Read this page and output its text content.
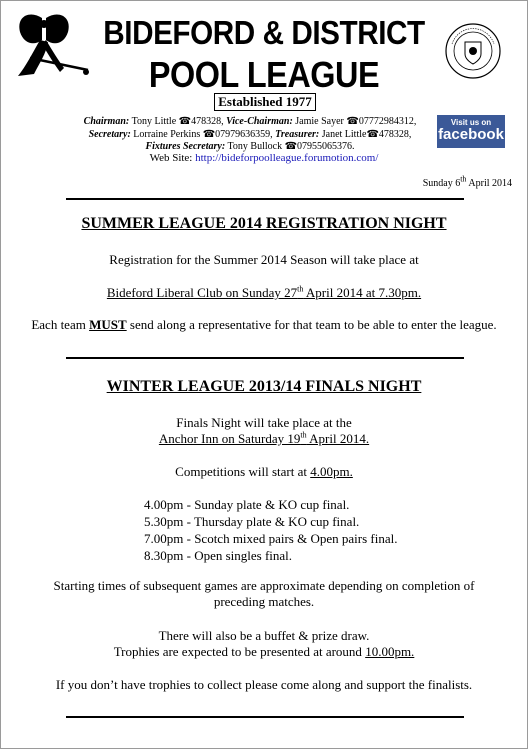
BIDEFORD & DISTRICT
POOL LEAGUE
Established 1977
Chairman: Tony Little ☎478328, Vice-Chairman: Jamie Sayer ☎07772984312,
Secretary: Lorraine Perkins ☎07979636359, Treasurer: Janet Little☎478328,
Fixtures Secretary: Tony Bullock ☎07955065376.
Web Site: http://bideforpoolleague.forumotion.com/
Visit us on
facebook
Sunday 6th April 2014
SUMMER LEAGUE 2014 REGISTRATION NIGHT
Registration for the Summer 2014 Season will take place at
Bideford Liberal Club on Sunday 27th April 2014 at 7.30pm.
Each team MUST send along a representative for that team to be able to enter the league.
WINTER LEAGUE 2013/14 FINALS NIGHT
Finals Night will take place at the
Anchor Inn on Saturday 19th April 2014.
Competitions will start at 4.00pm.
4.00pm - Sunday plate & KO cup final.
5.30pm - Thursday plate & KO cup final.
7.00pm - Scotch mixed pairs & Open pairs final.
8.30pm - Open singles final.
Starting times of subsequent games are approximate depending on completion of preceding matches.
There will also be a buffet & prize draw.
Trophies are expected to be presented at around 10.00pm.
If you don’t have trophies to collect please come along and support the finalists.
